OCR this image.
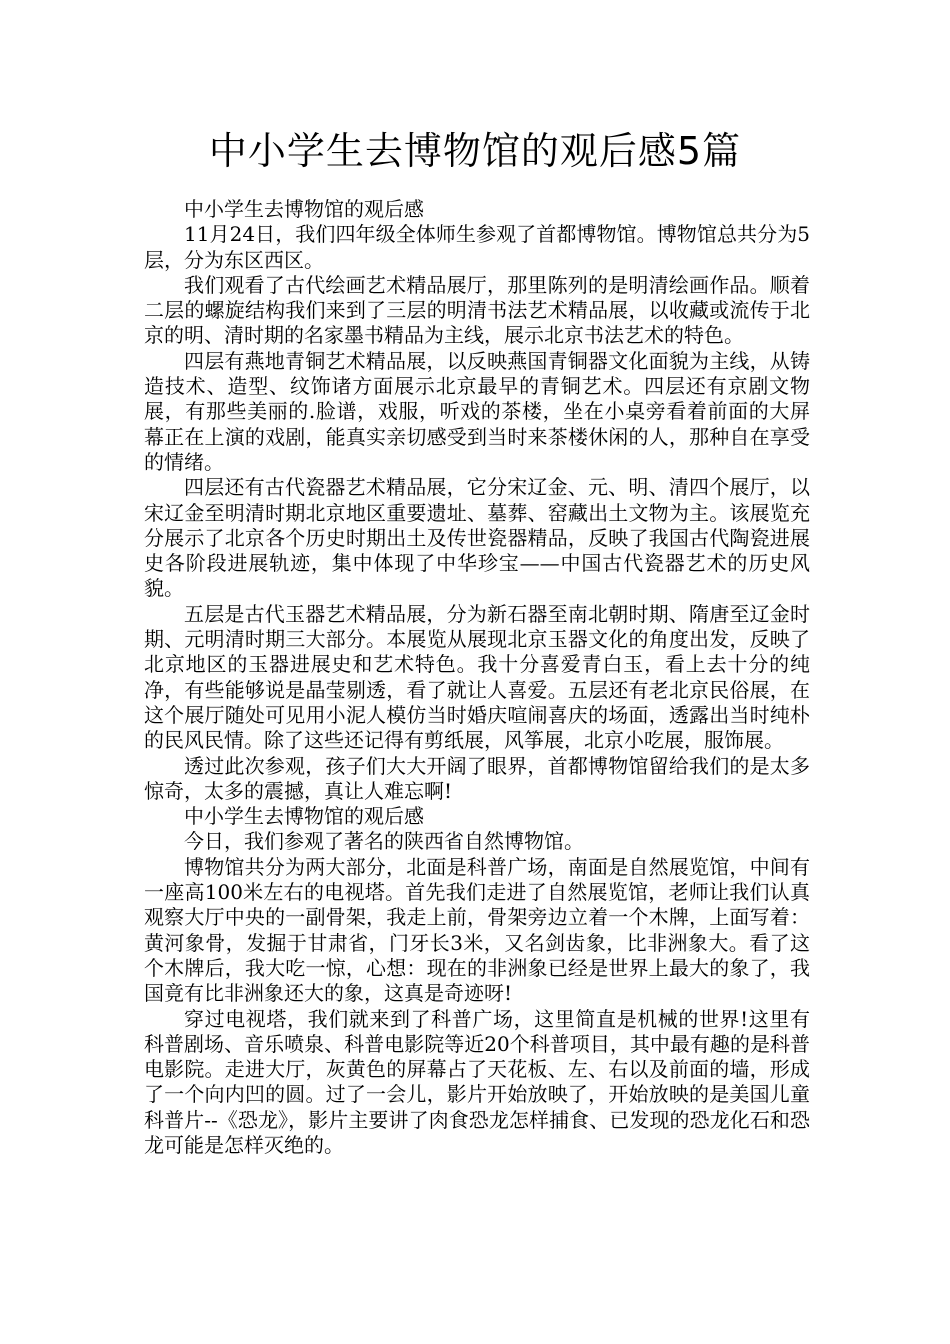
中小学生去博物馆的观后感5篇

中小学生去博物馆的观后感

11月24日，我们四年级全体师生参观了首都博物馆。博物馆总共分为5层，分为东区西区。

我们观看了古代绘画艺术精品展厅，那里陈列的是明清绘画作品。顺着二层的螺旋结构我们来到了三层的明清书法艺术精品展，以收藏或流传于北京的明、清时期的名家墨书精品为主线，展示北京书法艺术的特色。

四层有燕地青铜艺术精品展，以反映燕国青铜器文化面貌为主线，从铸造技术、造型、纹饰诸方面展示北京最早的青铜艺术。四层还有京剧文物展，有那些美丽的.脸谱，戏服，听戏的茶楼，坐在小桌旁看着前面的大屏幕正在上演的戏剧，能真实亲切感受到当时来茶楼休闲的人，那种自在享受的情绪。

四层还有古代瓷器艺术精品展，它分宋辽金、元、明、清四个展厅，以宋辽金至明清时期北京地区重要遗址、墓葬、窑藏出土文物为主。该展览充分展示了北京各个历史时期出土及传世瓷器精品，反映了我国古代陶瓷进展史各阶段进展轨迹，集中体现了中华珍宝——中国古代瓷器艺术的历史风貌。

五层是古代玉器艺术精品展，分为新石器至南北朝时期、隋唐至辽金时期、元明清时期三大部分。本展览从展现北京玉器文化的角度出发，反映了北京地区的玉器进展史和艺术特色。我十分喜爱青白玉，看上去十分的纯净，有些能够说是晶莹剔透，看了就让人喜爱。五层还有老北京民俗展，在这个展厅随处可见用小泥人模仿当时婚庆喧闹喜庆的场面，透露出当时纯朴的民风民情。除了这些还记得有剪纸展，风筝展，北京小吃展，服饰展。

透过此次参观，孩子们大大开阔了眼界，首都博物馆留给我们的是太多惊奇，太多的震撼，真让人难忘啊!

中小学生去博物馆的观后感

今日，我们参观了著名的陕西省自然博物馆。

博物馆共分为两大部分，北面是科普广场，南面是自然展览馆，中间有一座高100米左右的电视塔。首先我们走进了自然展览馆，老师让我们认真观察大厅中央的一副骨架，我走上前，骨架旁边立着一个木牌，上面写着：黄河象骨，发掘于甘肃省，门牙长3米，又名剑齿象，比非洲象大。看了这个木牌后，我大吃一惊，心想：现在的非洲象已经是世界上最大的象了，我国竟有比非洲象还大的象，这真是奇迹呀!

穿过电视塔，我们就来到了科普广场，这里简直是机械的世界!这里有科普剧场、音乐喷泉、科普电影院等近20个科普项目，其中最有趣的是科普电影院。走进大厅，灰黄色的屏幕占了天花板、左、右以及前面的墙，形成了一个向内凹的圆。过了一会儿，影片开始放映了，开始放映的是美国儿童科普片--《恐龙》，影片主要讲了肉食恐龙怎样捕食、已发现的恐龙化石和恐龙可能是怎样灭绝的。
